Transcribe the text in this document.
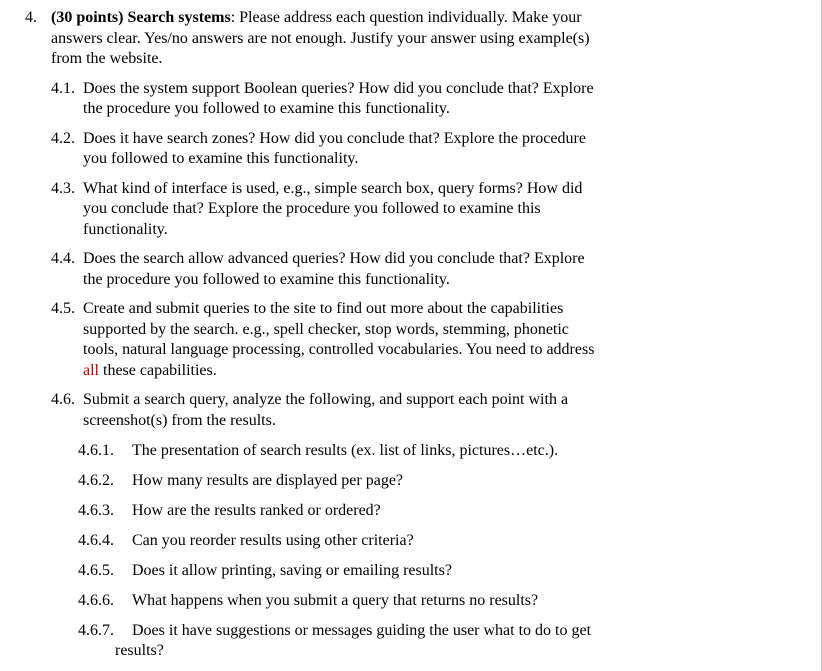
4. (30 points) Search systems: Please address each question individually. Make your
answers clear. Yes/no answers are not enough. Justify your answer using example(s)
from the website.
4.1. Does the system support Boolean queries? How did you conclude that? Explore
the procedure you followed to examine this functionality.
4.2. Does it have search zones? How did you conclude that? Explore the procedure
you followed to examine this functionality.
4.3. What kind of interface is used, e.g., simple search box, query forms? How did
you conclude that? Explore the procedure you followed to examine this
functionality.
4.4. Does the search allow advanced queries? How did you conclude that? Explore
the procedure you followed to examine this functionality.
4.5. Create and submit queries to the site to find out more about the capabilities
supported by the search. e.g., spell checker, stop words, stemming, phonetic
tools, natural language processing, controlled vocabularies. You need to address
all these capabilities.
4.6. Submit a search query, analyze the following, and support each point with a
screenshot(s) from the results.
4.6.1. The presentation of search results (ex. list of links, pictures…etc.).
4.6.2. How many results are displayed per page?
4.6.3. How are the results ranked or ordered?
4.6.4. Can you reorder results using other criteria?
4.6.5. Does it allow printing, saving or emailing results?
4.6.6. What happens when you submit a query that returns no results?
4.6.7. Does it have suggestions or messages guiding the user what to do to get
results?
